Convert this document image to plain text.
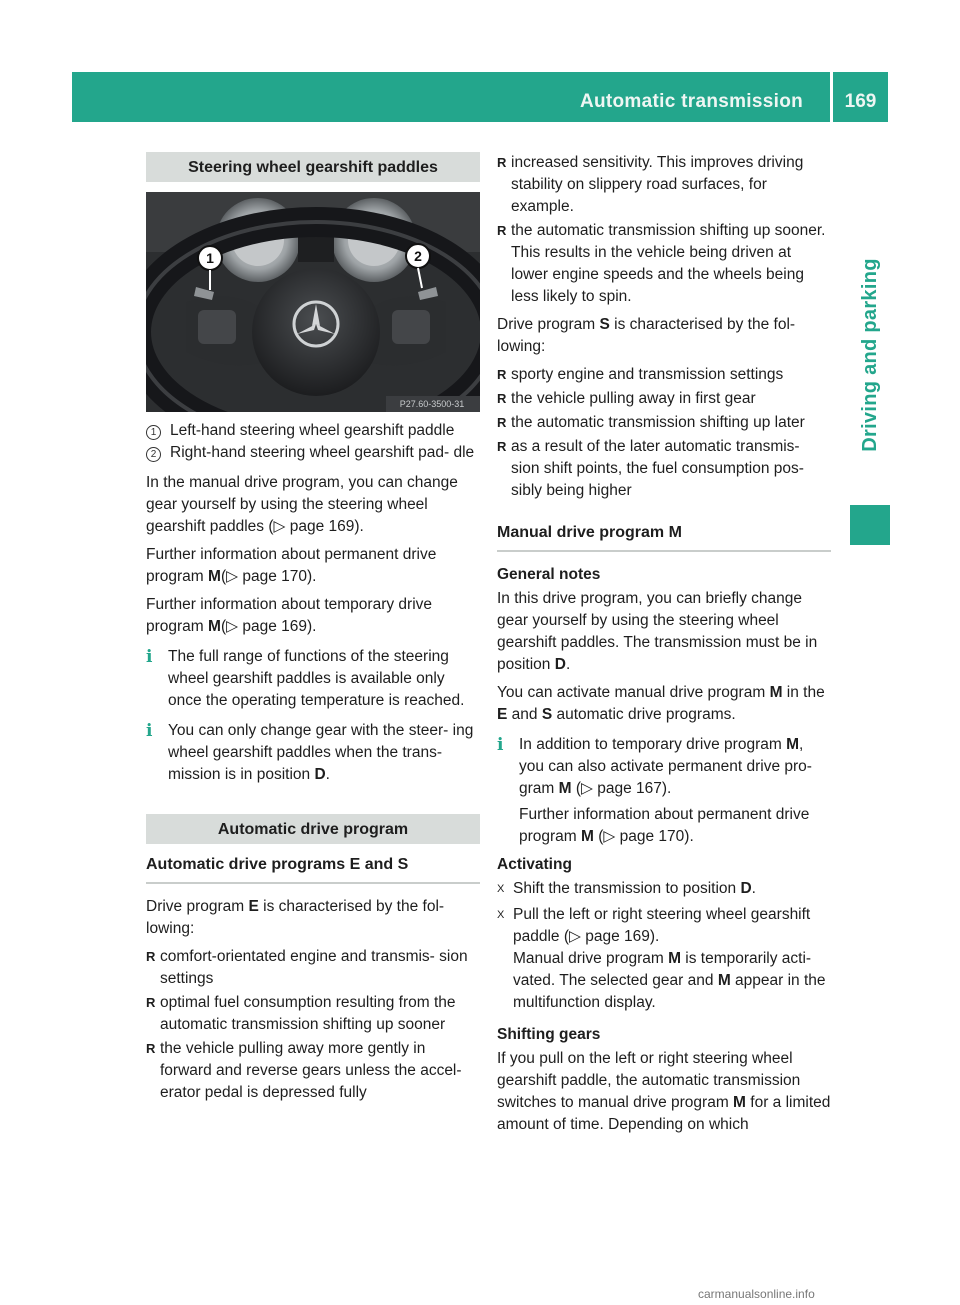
Automatic transmission	169
Driving and parking
Steering wheel gearshift paddles
1	2
P27.60-3500-31
1 Left-hand steering wheel gearshift paddle
2 Right-hand steering wheel gearshift pad- dle

In the manual drive program, you can change gear yourself by using the steering wheel gearshift paddles (▷ page 169).

Further information about permanent drive program M(▷ page 170).

Further information about temporary drive program M(▷ page 169).

i	The full range of functions of the steering wheel gearshift paddles is available only once the operating temperature is reached.
i	You can only change gear with the steer- ing wheel gearshift paddles when the trans- mission is in position D.
Automatic drive program
Automatic drive programs E and S

Drive program E is characterised by the fol- lowing:

R comfort-orientated engine and transmis- sion settings
R optimal fuel consumption resulting from the automatic transmission shifting up sooner
R the vehicle pulling away more gently in forward and reverse gears unless the accel- erator pedal is depressed fully
R increased sensitivity. This improves driving stability on slippery road surfaces, for example.
R the automatic transmission shifting up sooner. This results in the vehicle being driven at lower engine speeds and the wheels being less likely to spin.

Drive program S is characterised by the fol- lowing:

R sporty engine and transmission settings
R the vehicle pulling away in first gear
R the automatic transmission shifting up later
R as a result of the later automatic transmis- sion shift points, the fuel consumption pos- sibly being higher
Manual drive program M
General notes

In this drive program, you can briefly change gear yourself by using the steering wheel gearshift paddles. The transmission must be in position D.

You can activate manual drive program M in the E and S automatic drive programs.

i	In addition to temporary drive program M, you can also activate permanent drive pro- gram M (▷ page 167).
Further information about permanent drive program M (▷ page 170).
Activating
X Shift the transmission to position D.
X Pull the left or right steering wheel gearshift paddle (▷ page 169).
Manual drive program M is temporarily acti- vated. The selected gear and M appear in the multifunction display.
Shifting gears

If you pull on the left or right steering wheel gearshift paddle, the automatic transmission switches to manual drive program M for a limited amount of time. Depending on which

carmanualsonline.info
